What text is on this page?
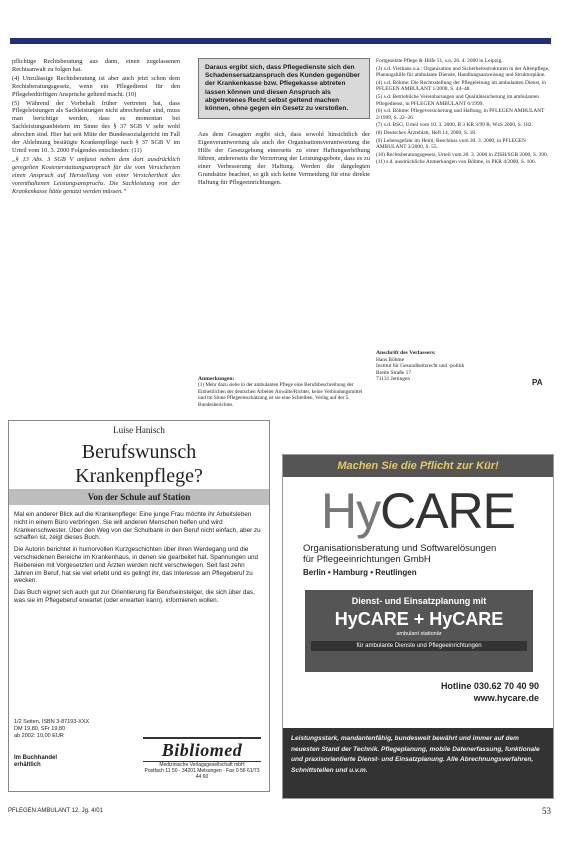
pflichtige Rechtsberatung aus dann, einen zugelassenen Rechtsanwalt zu folgen hat.

(4) Unzulässige Rechtsberatung ist aber auch jetzt schon dem Rechtsberatungsgesetz, wenn ein Pflegedienst für den Pflegebedürftigen Ansprüche geltend macht. (10)

(5) Während der Vorbehalt früher vertreten hat, dass Pflegeleistungen als Sachleistungen nicht abrechenbar sind, muss man berichtige werden, dass es momentan bei Sachleistungsanbietern im Sinne des § 37 SGB V sehr wohl abrechen sind. Hier hat seit Mitte der Bundessozialgericht im Fall der Ablehnung bestätigte Krankenpflege nach § 37 SGB V im Urteil vom 10. 3. 2000 Folgendes entschieden: (11)

„§ 13 Abs. 3 SGB V umfasst neben dem dort ausdrücklich geregelten Kostenerstattungsanspruch für die vom Versicherten einen Anspruch auf Herstellung von einer Versichertheit des vorenthaltenen Leistungsanspruchs. Die Sachleistung von der Krankenkasse hätte genutzt werden müssen.“

Daraus ergibt sich, dass Pflegedienste sich den Schadensersatzanspruch des Kunden gegenüber der Krankenkasse bzw. Pflegekasse abtreten lassen können und diesen Anspruch als abgetretenes Recht selbst geltend machen können, ohne gegen ein Gesetz zu verstoßen.
Aus dem Gesagten ergibt sich, dass sowohl hinsichtlich der Eigenverantwortung als auch der Organisationsverantwortung die Hilfe der Gesetzgebung einerseits zu einer Haftungserhöhung führen, andererseits die Verzerrung der Leistungsgebote, dass es zu einer Verbesserung der Haftung. Werden die dargelegten Grundsätze beachtet, so gilt sich keine Vermeidung für eine direkte Haftung für Pflegeeinrichtungen.
Anmerkungen:
(1) Mehr dazu siehe in der ambulanten Pflege eine Berufsbeschreibung der Einheitlichen der deutschen Arbeiter Anwälte/Richter, keine Verbindungsmittel und im Sinne Pflegeeinschätzung ist sie eine Schreiben, Verlag auf der 5. Bundesberichtes.

Fortgesetzte Pflege & Hilfe 51, s.o. 26. 4. 2000 in Leipzig.

(3) s.d. Vierhaus u.a.: Organisation und Sicherheitsstrukturen in der Altenpflege, Planungshilfe für ambulante Dienste, Handlungsanweisung und Strukturpläne.

(4) s.d. Böhme: Die Rechtsstellung der Pflegeleitung im ambulanten Dienst, in PFLEGEN AMBULANT 1/2000, S. 44–48.

(5) s.d. Betriebliche Vereinbarungen und Qualitätssicherung im ambulanten Pflegedienst, in PFLEGEN AMBULANT 6/1999.

(6) s.d. Böhme: Pflegeversicherung und Haftung, in PFLEGEN AMBULANT 2/1999, S. 22–26.

(7) s.d. BSG, Urteil vom 10. 3. 2000, B 3 KR 3/99 R, WzS 2000, S. 182.

(8) Deutsches Ärzteblatt, Heft 14, 2000, S. 18.

(9) Lebensgefahr im Heim, Beschluss vom 30. 3. 2000, in PFLEGEN AMBULANT 3/2000, S. 55.

(10) Rechtsberatungsgesetz, Urteil vom 20. 3. 2000 in ZfSH/SGB 2000, S. 390.

(11) s.d. ausdrückliche Anmerkungen von Böhme, in PKR 4/2000, S. 106.

Anschrift des Verfassers:
Hans Böhme
Institut für Gesundheitsrecht und -politik
Breite Straße 17
71131 Jettingen	PA
Luise Hanisch
Berufswunsch
Krankenpflege?
Von der Schule auf Station

Mal ein anderer Blick auf die Krankenpflege: Eine junge Frau möchte ihr Arbeitsleben nicht in einem Büro verbringen. Sie will anderen Menschen helfen und wird Krankenschwester. Über den Weg von der Schulbank in den Beruf nicht einfach, aber zu schaffen ist, zeigt dieses Buch.

Die Autorin berichtet in humorvollen Kurzgeschichten über ihren Werdegang und die verschiedenen Bereiche im Krankenhaus, in denen sie gearbeitet hat. Spannungen und Reibereien mit Vorgesetzten und Ärzten werden nicht verschwiegen. Seit fast zehn Jahren im Beruf, hat sie viel erlebt und es gelingt ihr, das Interesse am Pflegeberuf zu wecken.

Das Buch eignet sich auch gut zur Orientierung für Berufseinsteiger, die sich über das, was sie im Pflegeberuf erwartet (oder erwarten kann), informieren wollen.

1/2 Seiten, ISBN 3-87193-XXX
DM 19,80, SFr 19,80
ab 2002: 10,00 EUR
Im Buchhandel
erhältlich
Bibliomed
Medizinische Verlagsgesellschaft mbH
Postfach 11 50 · 34201 Melsungen · Fax 0 56 61/73 44 60
Machen Sie die Pflicht zur Kür!
HyCARE
Organisationsberatung und Softwarelösungen
für Pflegeeinrichtungen GmbH
Berlin • Hamburg • Reutlingen
Dienst- und Einsatzplanung mit
HyCARE + HyCARE
ambulant stationär
für ambulante Dienste und Pflegeeinrichtungen
Hotline 030.62 70 40 90
www.hycare.de
Leistungsstark, mandantenfähig, bundesweit bewährt und immer auf dem neuesten Stand der Technik. Pflegeplanung, mobile Datenerfassung, funktionale und praxisorientierte Dienst- und Einsatzplanung. Alle Abrechnungsverfahren, Schnittstellen und u.v.m.
PFLEGEN AMBULANT 12. Jg. 4/01	53
